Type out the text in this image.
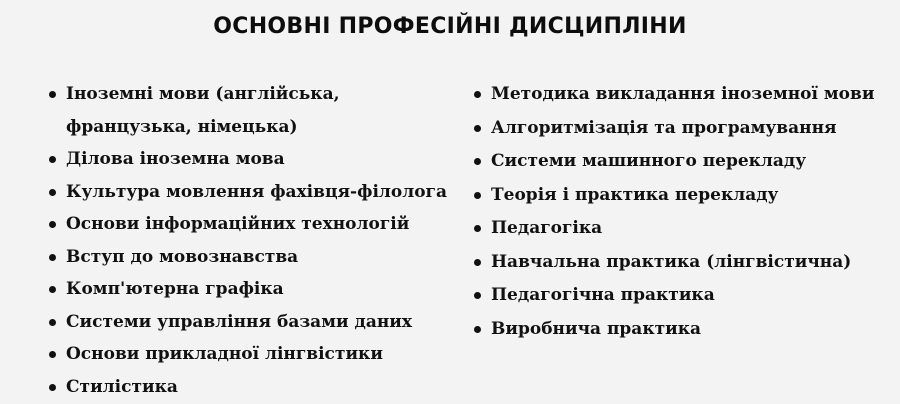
ОСНОВНІ ПРОФЕСІЙНІ ДИСЦИПЛІНИ
Іноземні мови (англійська,
французька, німецька)
Ділова іноземна мова
Культура мовлення фахівця-філолога
Основи інформаційних технологій
Вступ до мовознавства
Комп'ютерна графіка
Системи управління базами даних
Основи прикладної лінгвістики
Стилістика
Методика викладання іноземної мови
Алгоритмізація та програмування
Системи машинного перекладу
Теорія і практика перекладу
Педагогіка
Навчальна практика (лінгвістична)
Педагогічна практика
Виробнича практика
